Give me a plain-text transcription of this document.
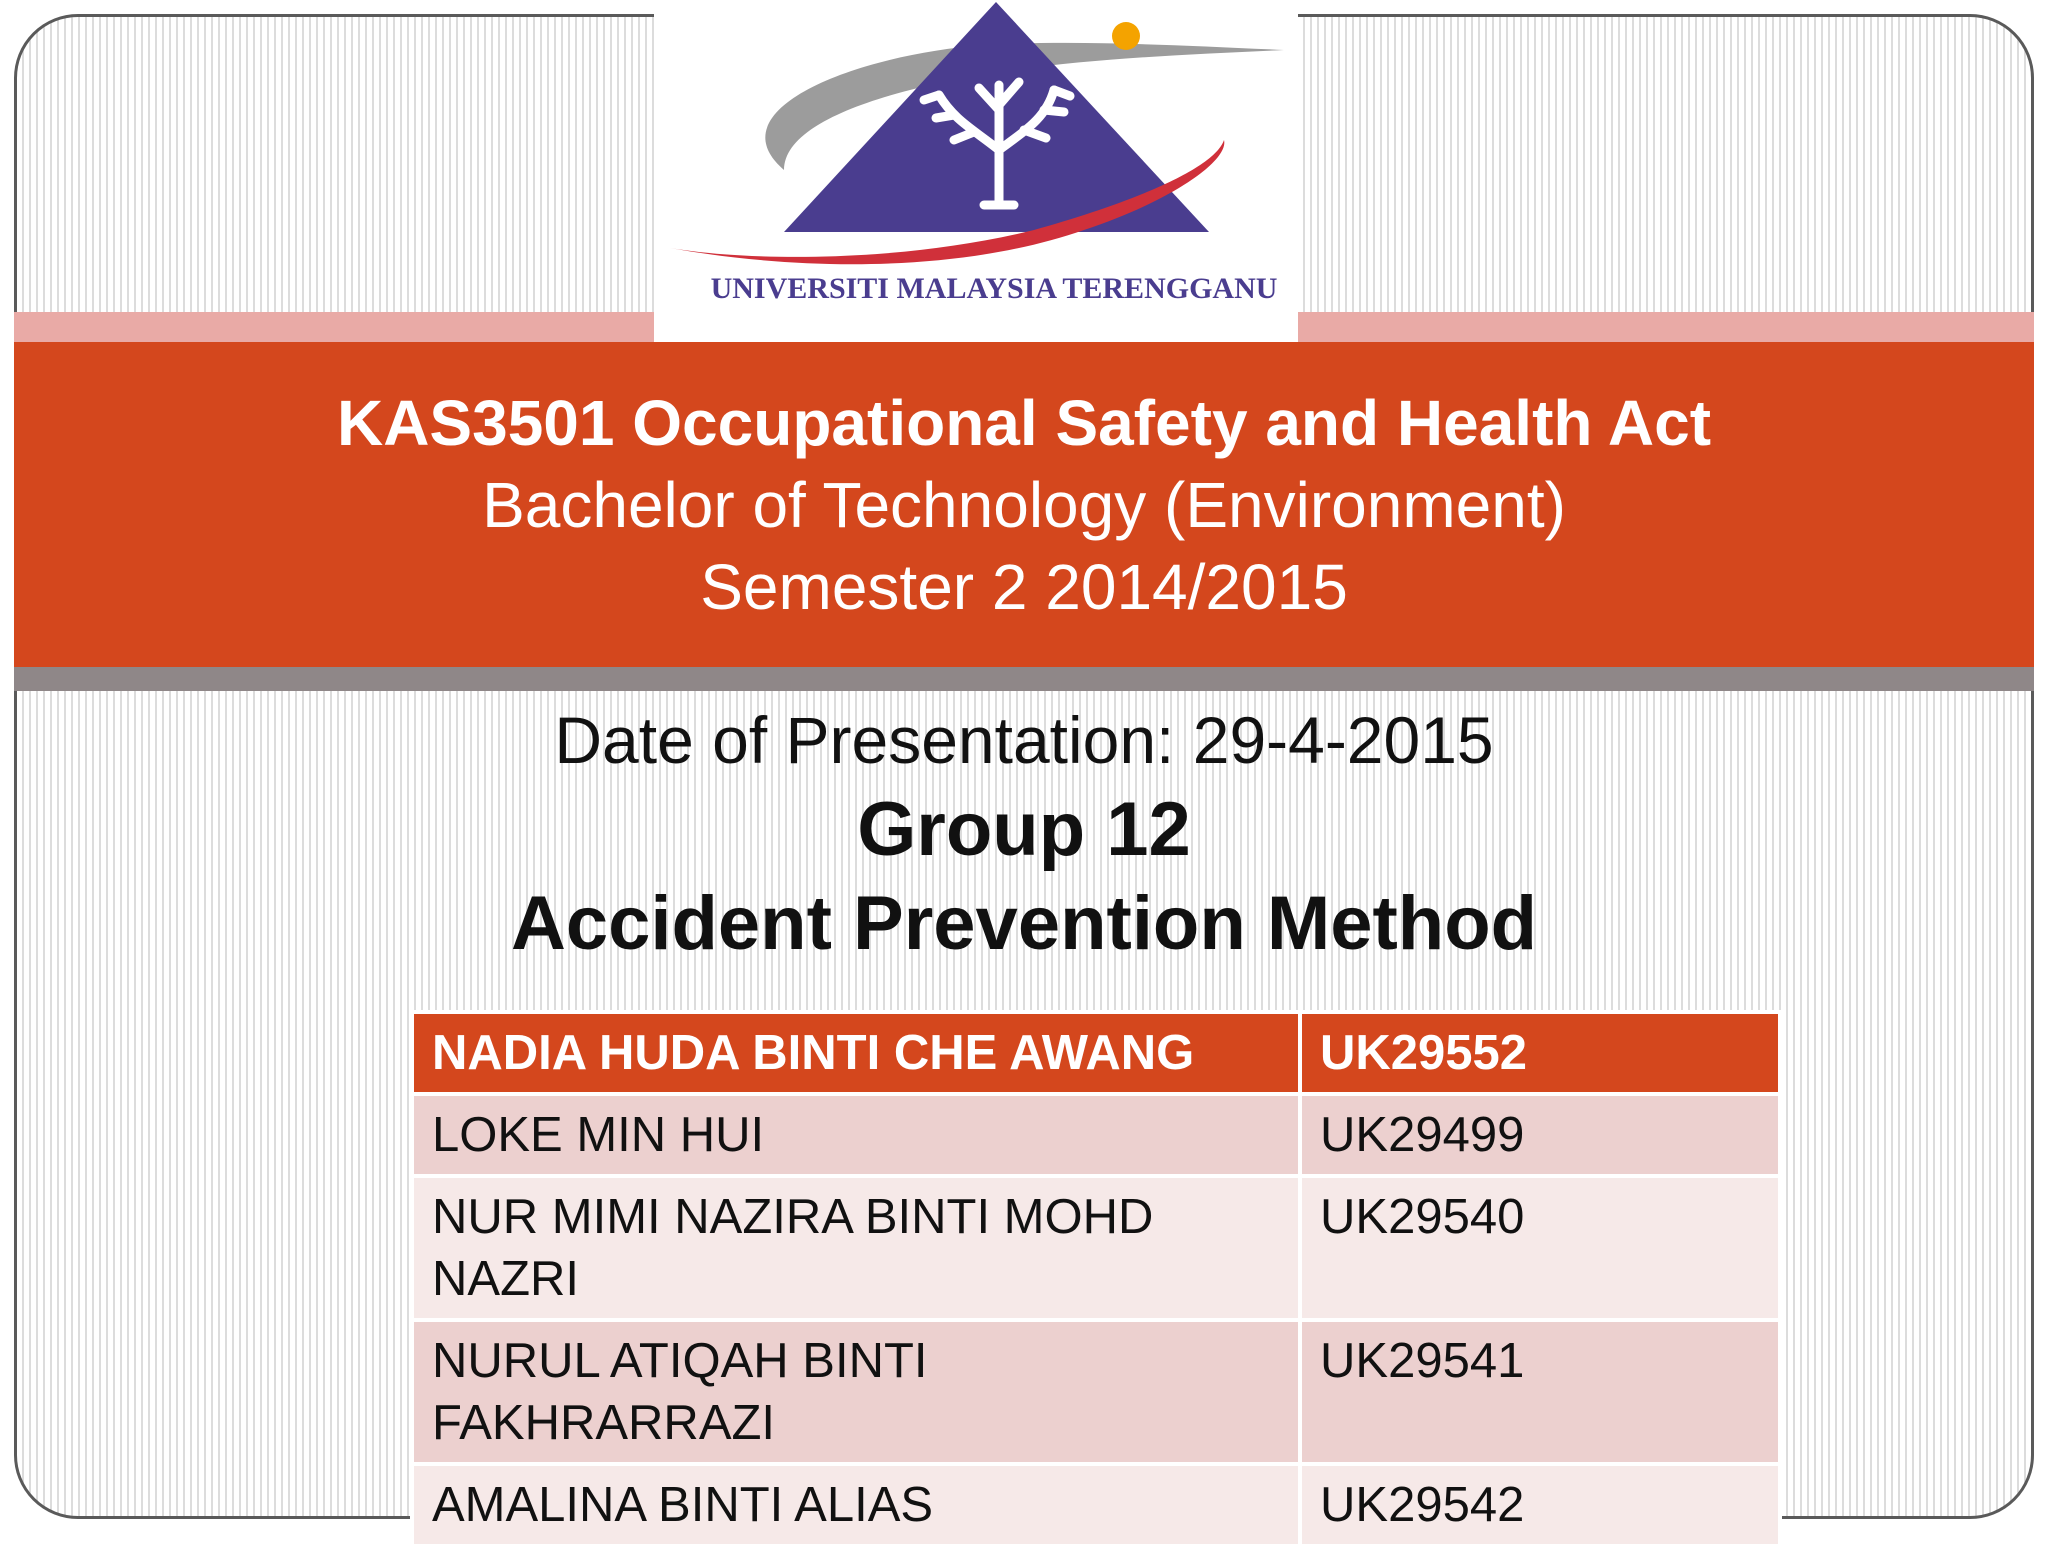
UNIVERSITI MALAYSIA TERENGGANU
KAS3501 Occupational Safety and Health Act
Bachelor of Technology (Environment)
Semester 2 2014/2015
Date of Presentation: 29-4-2015
Group 12
Accident Prevention Method
NADIA HUDA BINTI CHE AWANG	UK29552
LOKE MIN HUI	UK29499
NUR MIMI NAZIRA BINTI MOHD NAZRI	UK29540
NURUL ATIQAH BINTI FAKHRARRAZI	UK29541
AMALINA BINTI ALIAS	UK29542
